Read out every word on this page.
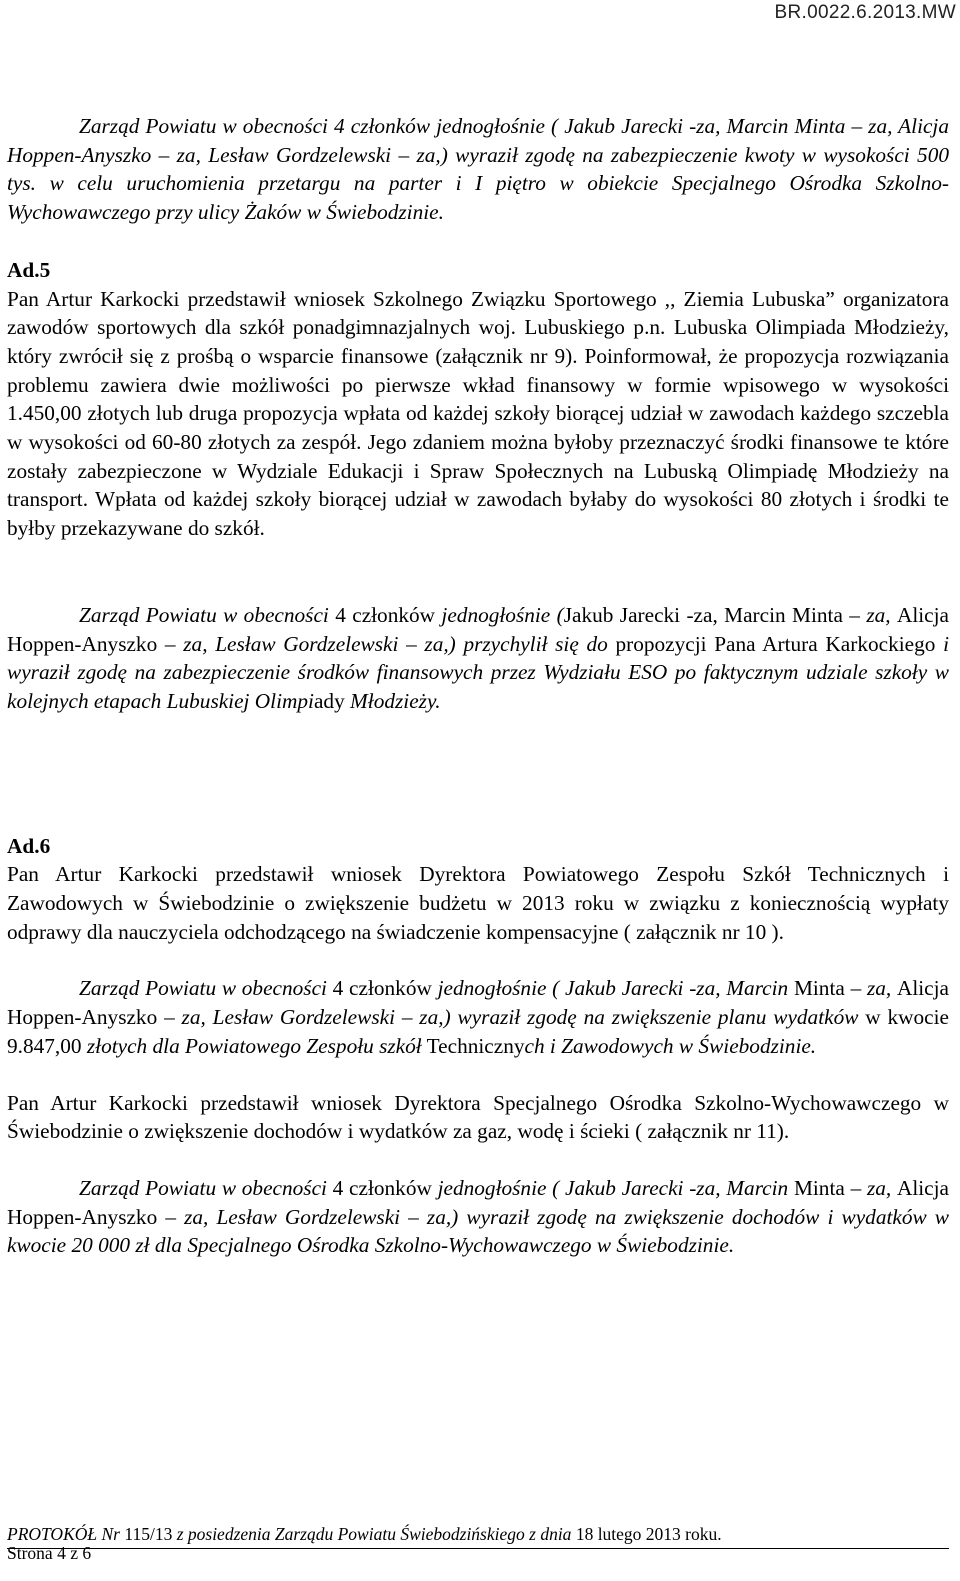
BR.0022.6.2013.MW

Zarząd Powiatu w obecności 4 członków jednogłośnie ( Jakub Jarecki -za, Marcin Minta – za, Alicja Hoppen-Anyszko – za, Lesław Gordzelewski – za,) wyraził zgodę na zabezpieczenie kwoty w wysokości 500 tys. w celu uruchomienia przetargu na parter i I piętro w obiekcie Specjalnego Ośrodka Szkolno-Wychowawczego przy ulicy Żaków w Świebodzinie.

Ad.5
Pan Artur Karkocki przedstawił wniosek Szkolnego Związku Sportowego ,, Ziemia Lubuska” organizatora zawodów sportowych dla szkół ponadgimnazjalnych woj. Lubuskiego p.n. Lubuska Olimpiada Młodzieży, który zwrócił się z prośbą o wsparcie finansowe (załącznik nr 9). Poinformował, że propozycja rozwiązania problemu zawiera dwie możliwości po pierwsze wkład finansowy w formie wpisowego w wysokości 1.450,00 złotych lub druga propozycja wpłata od każdej szkoły biorącej udział w zawodach każdego szczebla w wysokości od 60-80 złotych za zespół. Jego zdaniem można byłoby przeznaczyć środki finansowe te które zostały zabezpieczone w Wydziale Edukacji i Spraw Społecznych na Lubuską Olimpiadę Młodzieży na transport. Wpłata od każdej szkoły biorącej udział w zawodach byłaby do wysokości 80 złotych i środki te byłby przekazywane do szkół.

Zarząd Powiatu w obecności 4 członków jednogłośnie (Jakub Jarecki -za, Marcin Minta – za, Alicja Hoppen-Anyszko – za, Lesław Gordzelewski – za,) przychylił się do propozycji Pana Artura Karkockiego i wyraził zgodę na zabezpieczenie środków finansowych przez Wydziału ESO po faktycznym udziale szkoły w kolejnych etapach Lubuskiej Olimpiady Młodzieży.

Ad.6
Pan Artur Karkocki przedstawił wniosek Dyrektora Powiatowego Zespołu Szkół Technicznych i Zawodowych w Świebodzinie o zwiększenie budżetu w 2013 roku w związku z koniecznością wypłaty odprawy dla nauczyciela odchodzącego na świadczenie kompensacyjne ( załącznik nr 10 ).

Zarząd Powiatu w obecności 4 członków jednogłośnie ( Jakub Jarecki -za, Marcin Minta – za, Alicja Hoppen-Anyszko – za, Lesław Gordzelewski – za,) wyraził zgodę na zwiększenie planu wydatków w kwocie 9.847,00 złotych dla Powiatowego Zespołu szkół Technicznych i Zawodowych w Świebodzinie.

Pan Artur Karkocki przedstawił wniosek Dyrektora Specjalnego Ośrodka Szkolno-Wychowawczego w Świebodzinie o zwiększenie dochodów i wydatków za gaz, wodę i ścieki ( załącznik nr 11).

Zarząd Powiatu w obecności 4 członków jednogłośnie ( Jakub Jarecki -za, Marcin Minta – za, Alicja Hoppen-Anyszko – za, Lesław Gordzelewski – za,) wyraził zgodę na zwiększenie dochodów i wydatków w kwocie 20 000 zł dla Specjalnego Ośrodka Szkolno-Wychowawczego w Świebodzinie.

PROTOKÓŁ Nr 115/13 z posiedzenia Zarządu Powiatu Świebodzińskiego z dnia 18 lutego 2013 roku.
Strona 4 z 6
